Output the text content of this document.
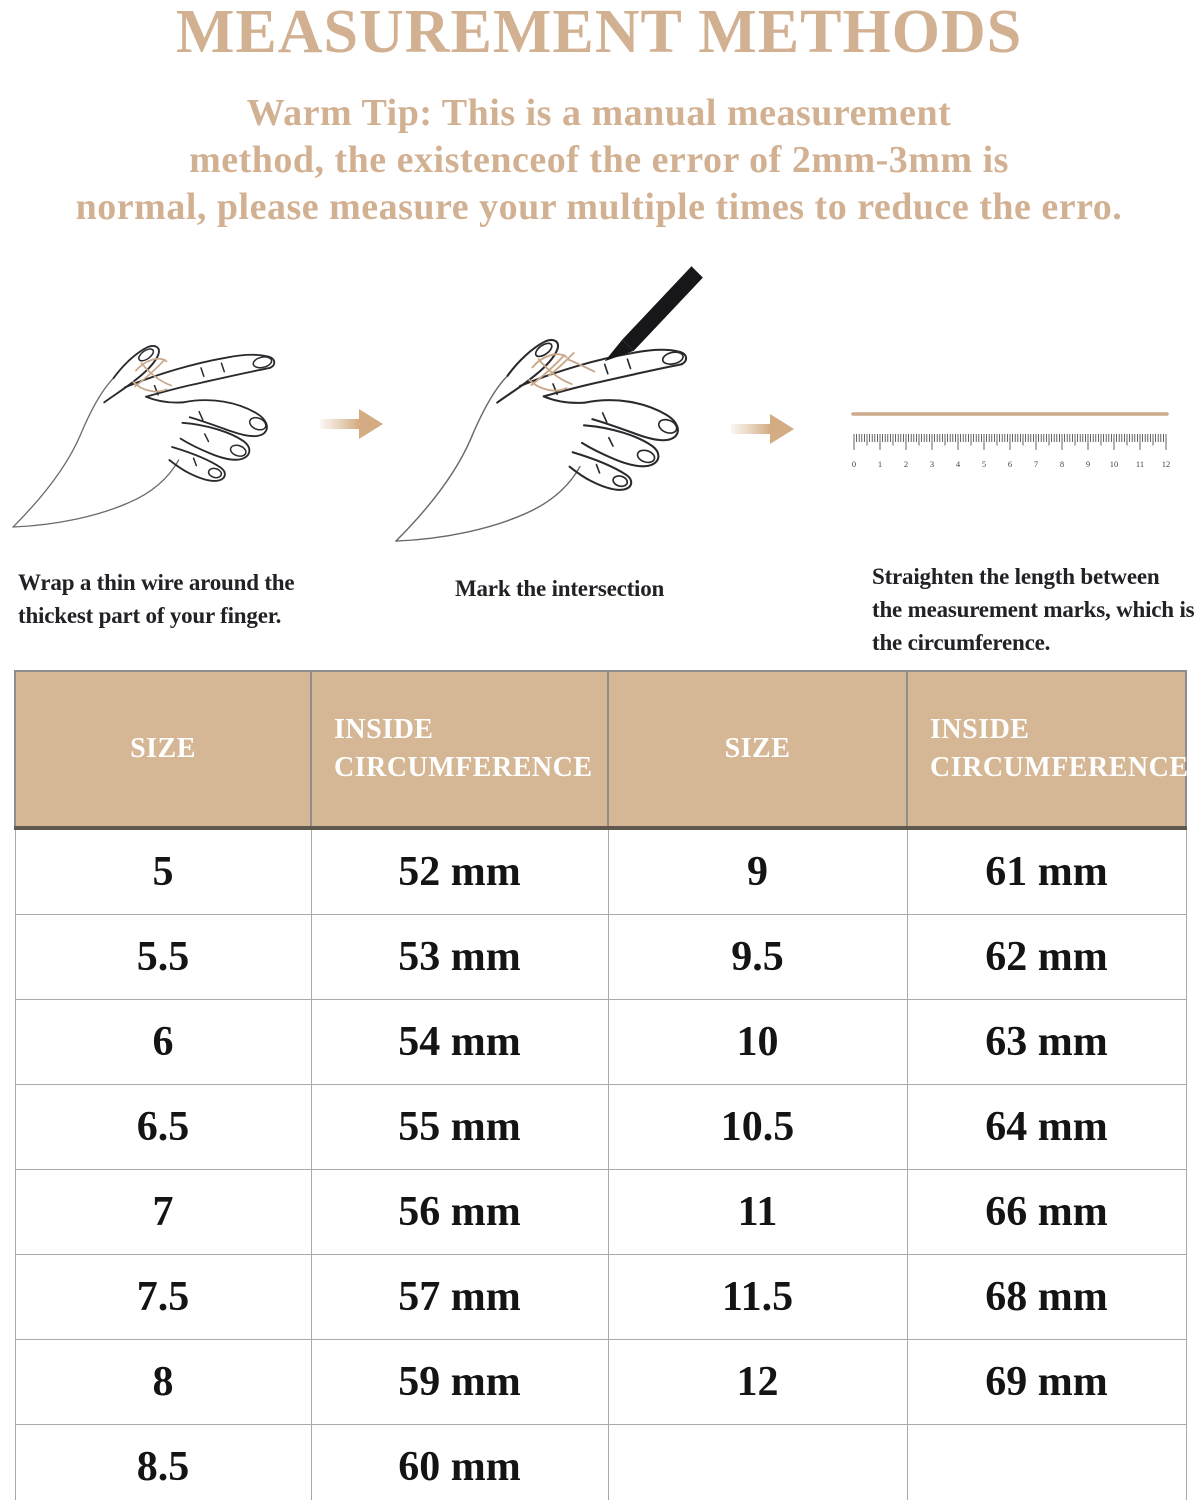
MEASUREMENT METHODS
Warm Tip: This is a manual measurement
method, the existenceof the error of 2mm-3mm is
normal, please measure your multiple times to reduce the erro.
0	1	2	3	4	5	6	7	8	9 10 11 12
Wrap a thin wire around the
thickest part of your finger.
Mark the intersection	Straighten the length between
the measurement marks, which is
the circumference.
SIZE	INSIDE CIRCUMFERENCE	SIZE	INSIDE CIRCUMFERENCE
5	52 mm	9	61 mm
5.5	53 mm	9.5	62 mm
6	54 mm	10	63 mm
6.5	55 mm	10.5	64 mm
7	56 mm	11	66 mm
7.5	57 mm	11.5	68 mm
8	59 mm	12	69 mm
8.5	60 mm		
